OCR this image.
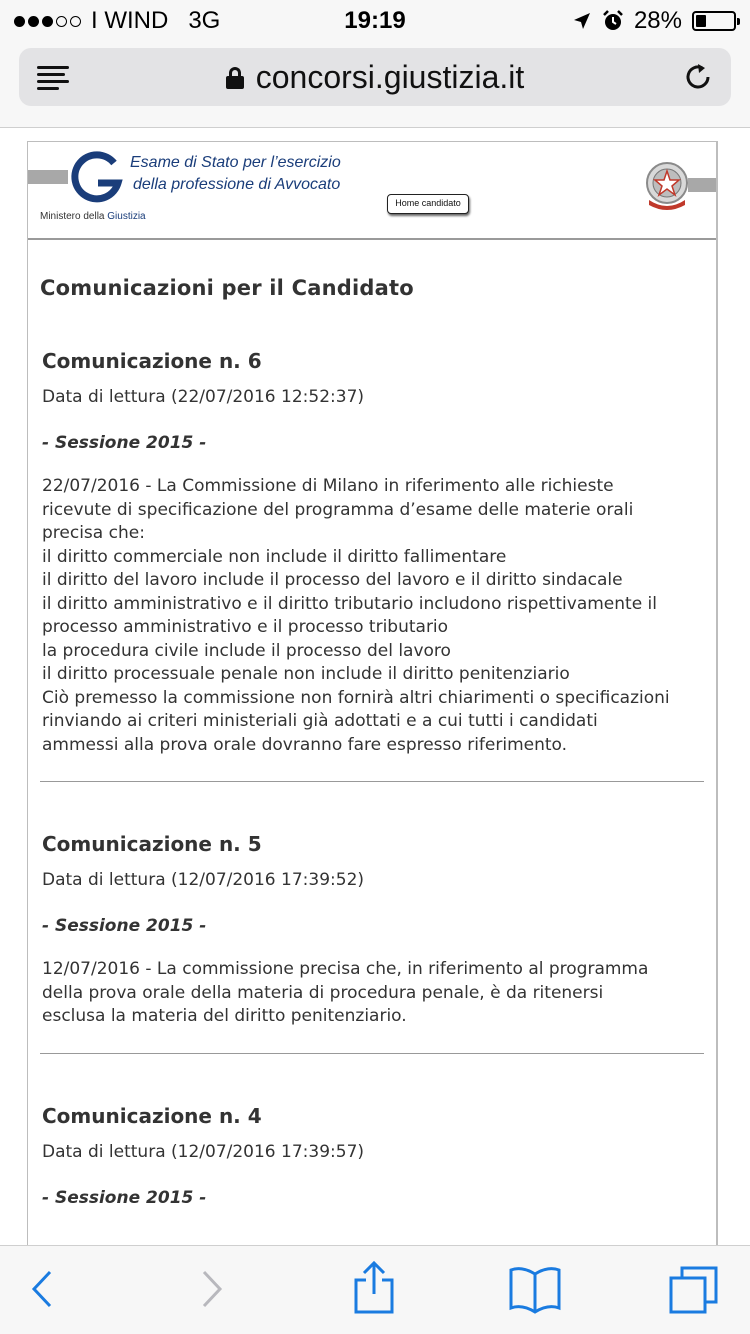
I WIND 3G	19:19	28%
concorsi.giustizia.it
Ministero della Giustizia
Esame di Stato per l’esercizio
della professione di Avvocato
Home candidato
Comunicazioni per il Candidato
Comunicazione n. 6
Data di lettura (22/07/2016 12:52:37)
- Sessione 2015 -
22/07/2016 - La Commissione di Milano in riferimento alle richieste
ricevute di specificazione del programma d’esame delle materie orali
precisa che:
il diritto commerciale non include il diritto fallimentare
il diritto del lavoro include il processo del lavoro e il diritto sindacale
il diritto amministrativo e il diritto tributario includono rispettivamente il
processo amministrativo e il processo tributario
la procedura civile include il processo del lavoro
il diritto processuale penale non include il diritto penitenziario
Ciò premesso la commissione non fornirà altri chiarimenti o specificazioni
rinviando ai criteri ministeriali già adottati e a cui tutti i candidati
ammessi alla prova orale dovranno fare espresso riferimento.
Comunicazione n. 5
Data di lettura (12/07/2016 17:39:52)
- Sessione 2015 -
12/07/2016 - La commissione precisa che, in riferimento al programma
della prova orale della materia di procedura penale, è da ritenersi
esclusa la materia del diritto penitenziario.
Comunicazione n. 4
Data di lettura (12/07/2016 17:39:57)
- Sessione 2015 -
